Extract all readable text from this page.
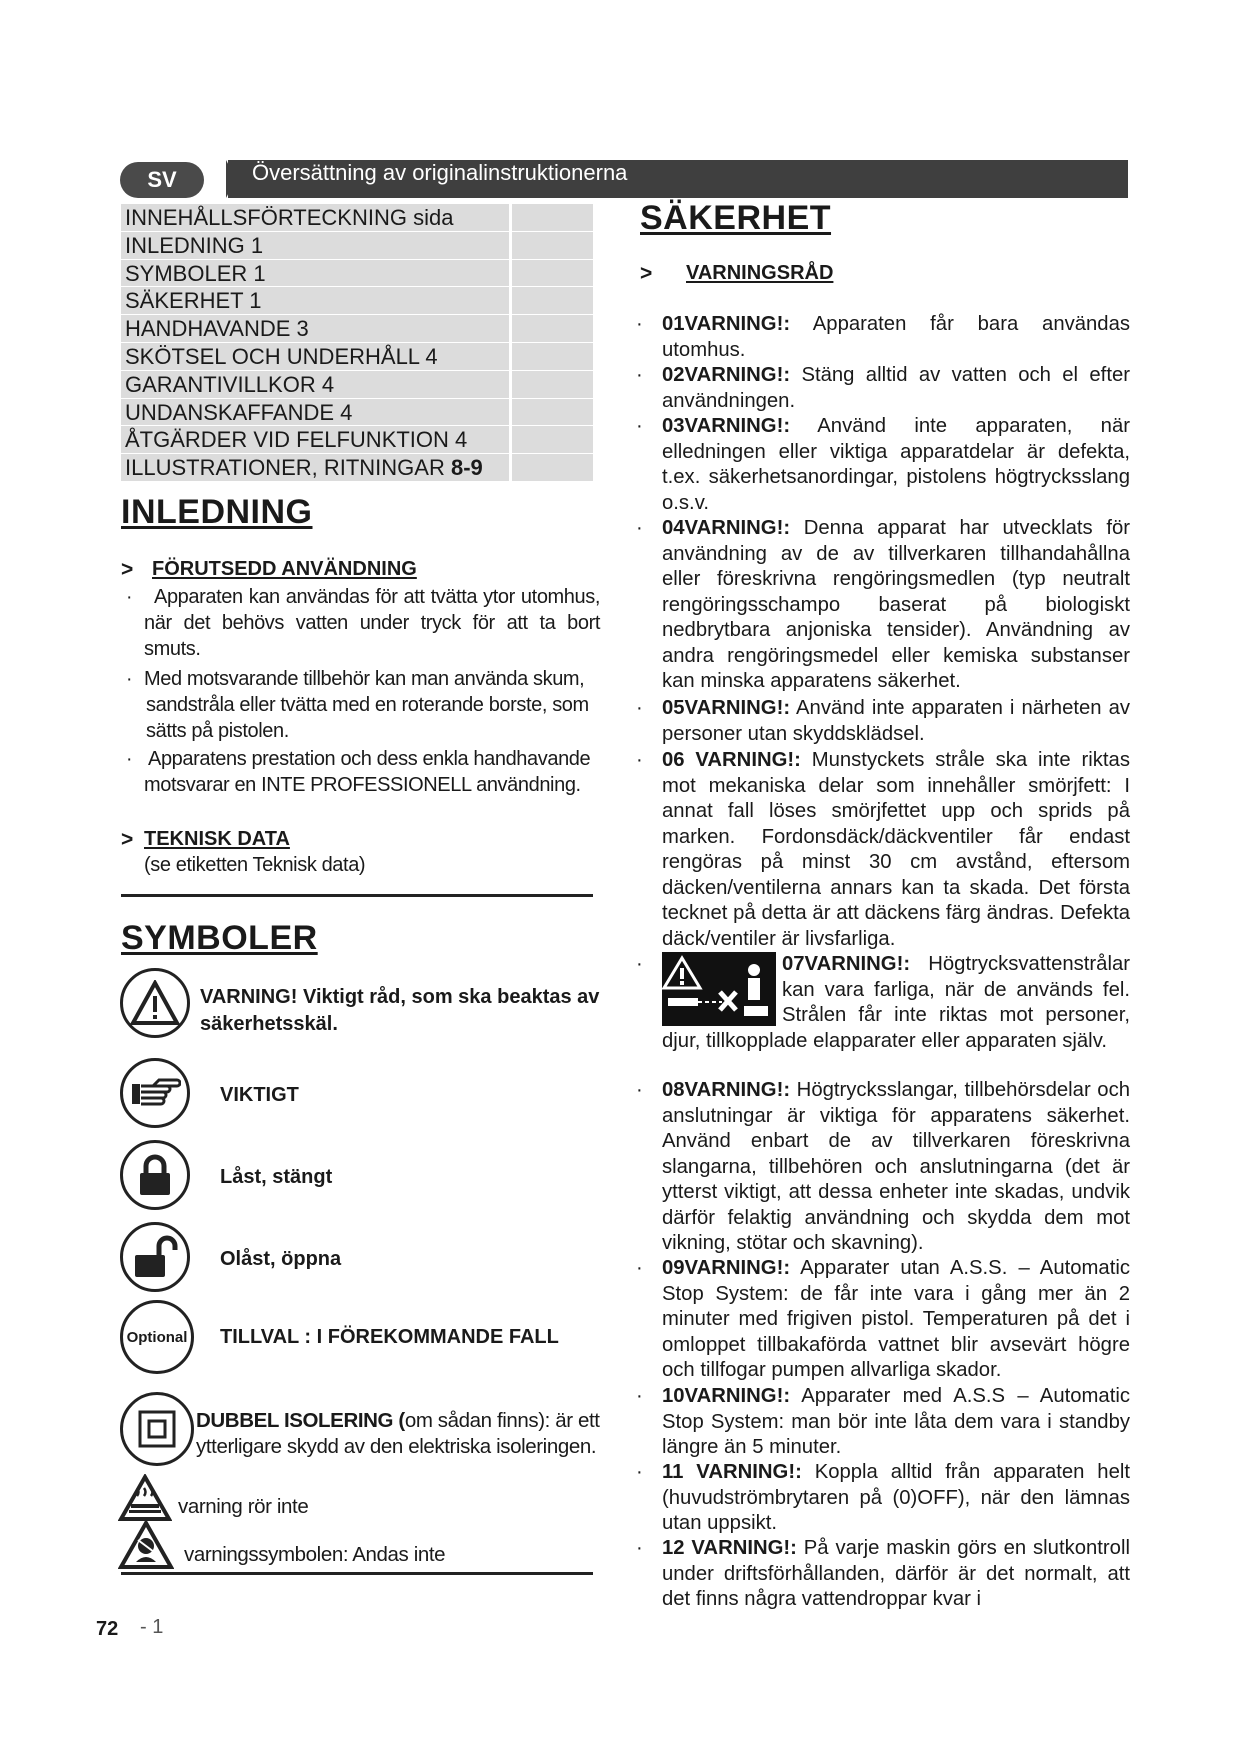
SV	Översättning av originalinstruktionerna
INNEHÅLLSFÖRTECKNING sida
INLEDNING 1
SYMBOLER 1
SÄKERHET 1
HANDHAVANDE 3
SKÖTSEL OCH UNDERHÅLL 4
GARANTIVILLKOR 4
UNDANSKAFFANDE 4
ÅTGÄRDER VID FELFUNKTION 4
ILLUSTRATIONER, RITNINGAR 8-9
INLEDNING
> FÖRUTSEDD ANVÄNDNING
·	Apparaten kan användas för att tvätta ytor utomhus, när det behövs vatten under tryck för att ta bort smuts.
· Med motsvarande tillbehör kan man använda skum, sandstråla eller tvätta med en roterande borste, som sätts på pistolen.
· Apparatens prestation och dess enkla handhavande motsvarar en INTE PROFESSIONELL användning.
> TEKNISK DATA
(se etiketten Teknisk data)
SYMBOLER
VARNING! Viktigt råd, som ska beaktas av säkerhetsskäl.
VIKTIGT
Låst, stängt
Olåst, öppna
Optional TILLVAL : I FÖREKOMMANDE FALL
DUBBEL ISOLERING (om sådan finns): är ett ytterligare skydd av den elektriska isoleringen.
varning rör inte
varningssymbolen: Andas inte
SÄKERHET
> VARNINGSRÅD
· 01VARNING!: Apparaten får bara användas utomhus.
· 02VARNING!: Stäng alltid av vatten och el efter användningen.
· 03VARNING!: Använd inte apparaten, när elledningen eller viktiga apparatdelar är defekta, t.ex. säkerhetsanordingar, pistolens högtrycksslang o.s.v.
· 04VARNING!: Denna apparat har utvecklats för användning av de av tillverkaren tillhandahållna eller föreskrivna rengöringsmedlen (typ neutralt rengöringsschampo baserat på biologiskt nedbrytbara anjoniska tensider). Användning av andra rengöringsmedel eller kemiska substanser kan minska apparatens säkerhet.
· 05VARNING!: Använd inte apparaten i närheten av personer utan skyddsklädsel.
· 06 VARNING!: Munstyckets stråle ska inte riktas mot mekaniska delar som innehåller smörjfett: I annat fall löses smörjfettet upp och sprids på marken. Fordonsdäck/däckventiler får endast rengöras på minst 30 cm avstånd, eftersom däcken/ventilerna annars kan ta skada. Det första tecknet på detta är att däckens färg ändras. Defekta däck/ventiler är livsfarliga.
·	07VARNING!: Högtrycksvattenstrålar kan vara farliga, när de används fel. Strålen får inte riktas mot personer, djur, tillkopplade elapparater eller apparaten själv.
· 08VARNING!: Högtrycksslangar, tillbehörsdelar och anslutningar är viktiga för apparatens säkerhet. Använd enbart de av tillverkaren föreskrivna slangarna, tillbehören och anslutningarna (det är ytterst viktigt, att dessa enheter inte skadas, undvik därför felaktig användning och skydda dem mot vikning, stötar och skavning).
· 09VARNING!: Apparater utan A.S.S. – Automatic Stop System: de får inte vara i gång mer än 2 minuter med frigiven pistol. Temperaturen på det i omloppet tillbakaförda vattnet blir avsevärt högre och tillfogar pumpen allvarliga skador.
· 10VARNING!: Apparater med A.S.S – Automatic Stop System: man bör inte låta dem vara i standby längre än 5 minuter.
· 11 VARNING!: Koppla alltid från apparaten helt (huvudströmbrytaren på (0)OFF), när den lämnas utan uppsikt.
· 12 VARNING!: På varje maskin görs en slutkontroll under driftsförhållanden, därför är det normalt, att det finns några vattendroppar kvar i
72 - 1
